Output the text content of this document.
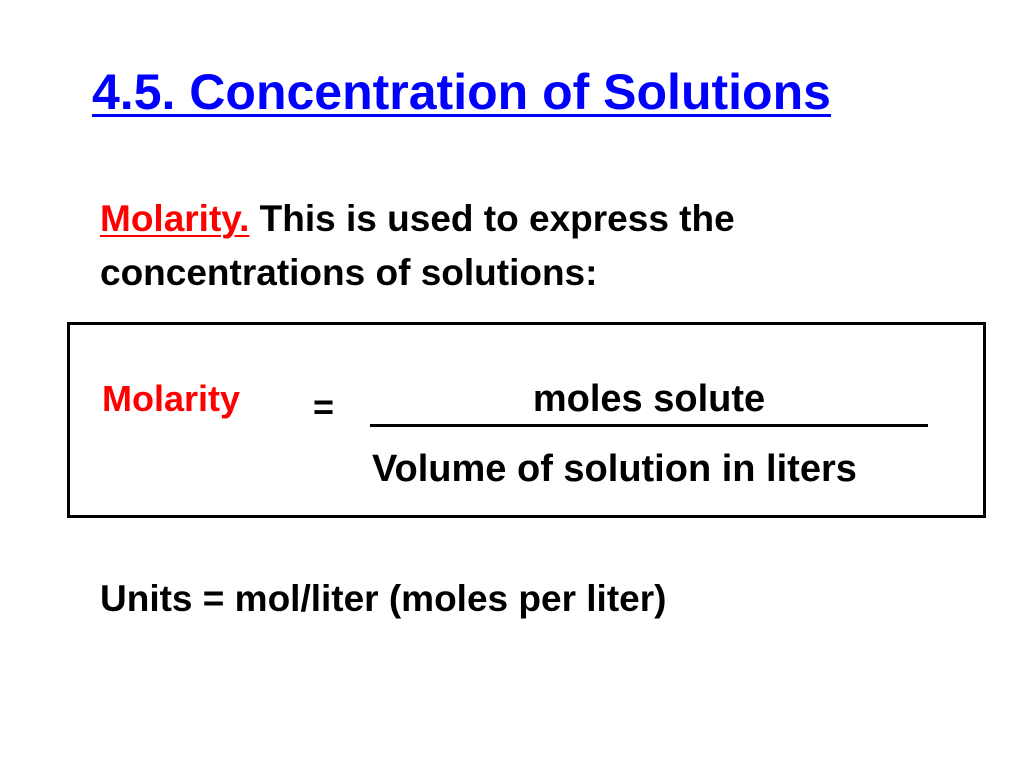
4.5. Concentration of Solutions

Molarity. This is used to express the concentrations of solutions:

Molarity =	moles solute
Volume of solution in liters

Units = mol/liter (moles per liter)
